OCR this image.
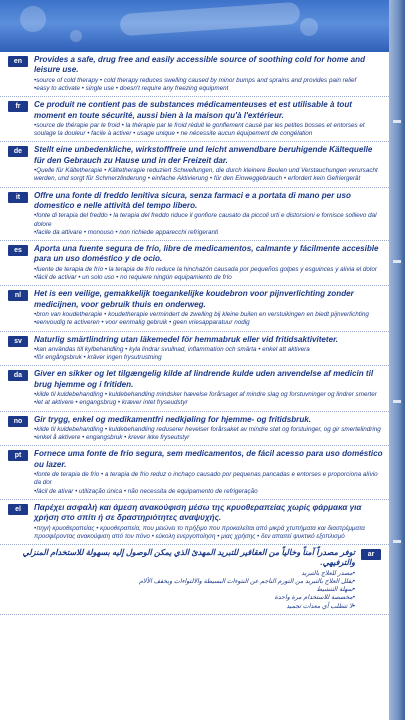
en	Provides a safe, drug free and easily accessible source of soothing cold for home and leisure use.
• source of cold therapy • cold therapy reduces swelling caused by minor bumps and sprains and provides pain relief
• easy to activate • single use • doesn't require any freezing equipment
fr	Ce produit ne contient pas de substances médicamenteuses et est utilisable à tout moment en toute sécurité, aussi bien à la maison qu'à l'extérieur.
• source de thérapie par le froid • la thérapie par le froid réduit le gonflement causé par les petites bosses et entorses et soulage la douleur • facile à activer • usage unique • ne nécessite aucun équipement de congélation
de	Stellt eine unbedenkliche, wirkstofffreie und leicht anwendbare beruhigende Kältequelle für den Gebrauch zu Hause und in der Freizeit dar.
• Quelle für Kältetherapie • Kältetherapie reduziert Schwellungen, die durch kleinere Beulen und Verstauchungen verursacht werden, und sorgt für Schmerzlinderung • einfache Aktivierung • für den Einweggebrauch • erfordert kein Gefriergerät
it	Offre una fonte di freddo lenitiva sicura, senza farmaci e a portata di mano per uso domestico e nelle attività del tempo libero.
• fonte di terapia del freddo • la terapia del freddo riduce il gonfiore causato da piccoli urti e distorsioni e fornisce sollievo dal dolore
• facile da attivare • monouso • non richiede apparecchi refrigeranti
es	Aporta una fuente segura de frío, libre de medicamentos, calmante y fácilmente accesible para un uso doméstico y de ocio.
• fuente de terapia de frío • la terapia de frío reduce la hinchazón causada por pequeños golpes y esguinces y alivia el dolor
• fácil de activar • un solo uso • no requiere ningún equipamiento de frío
nl	Het is een veilige, gemakkelijk toegankelijke koudebron voor pijnverlichting zonder medicijnen, voor gebruik thuis en onderweg.
• bron van koudetherapie • koudetherapie vermindert de zwelling bij kleine builen en verstuikingen en biedt pijnverlichting
• eenvoudig te activeren • voor eenmalig gebruik • geen vriesapparatuur nodig
sv	Naturlig smärtlindring utan läkemedel för hemmabruk eller vid fritidsaktiviteter.
• kan användas till kylbehandling • kyla lindrar svullnad, inflammation och smärta • enkel att aktivera
• för engångsbruk • kräver ingen frysutrustning
da	Giver en sikker og let tilgængelig kilde af lindrende kulde uden anvendelse af medicin til brug hjemme og i fritiden.
• kilde til kuldebehandling • kuldebehandling mindsker hævelse forårsaget af mindre slag og forstuvninger og lindrer smerter
• let at aktivere • engangsbrug • kræver intet fryseudstyr
no	Gir trygg, enkel og medikamentfri nedkjøling for hjemme- og fritidsbruk.
• kilde til kuldebehandling • kuldebehandling reduserer hevelser forårsaket av mindre støt og forstuinger, og gir smertelindring
• enkel å aktivere • engangsbruk • krever ikke fryseutstyr
pt	Fornece uma fonte de frio segura, sem medicamentos, de fácil acesso para uso doméstico ou lazer.
• fonte de terapia de frio • a terapia de frio reduz o inchaço causado por pequenas pancadas e entorses e proporciona alívio da dor
• fácil de ativar • utilização única • não necessita de equipamento de refrigeração
el	Παρέχει ασφαλή και άμεση ανακούφιση μέσω της κρυοθεραπείας χωρίς φάρμακα για χρήση στο σπίτι ή σε δραστηριότητες αναψυχής.
• πηγή κρυοθεραπείας • κρυοθεραπεία, που μειώνει το πρήξιμο που προκαλείται από μικρά χτυπήματα και διαστρέμματα προσφέροντας ανακούφιση από τον πόνο • εύκολη ενεργοποίηση • μιας χρήσης • δεν απαιτεί ψυκτικό εξοπλισμό
ar
توفر مصدراً آمناً وخالياً من العقاقير للتبريد المهدئ الذي يمكن الوصول إليه بسهولة للاستخدام المنزلي والترفيهي.
• مصدر للعلاج بالتبريد
• يقلل العلاج بالتبريد من التورم الناجم عن النتوءات البسيطة والالتواءات ويخفف الألام
• سهلة التنشيط
• مخصصة للاستخدام مرة واحدة
• لا تتطلب أي معدات تجميد
